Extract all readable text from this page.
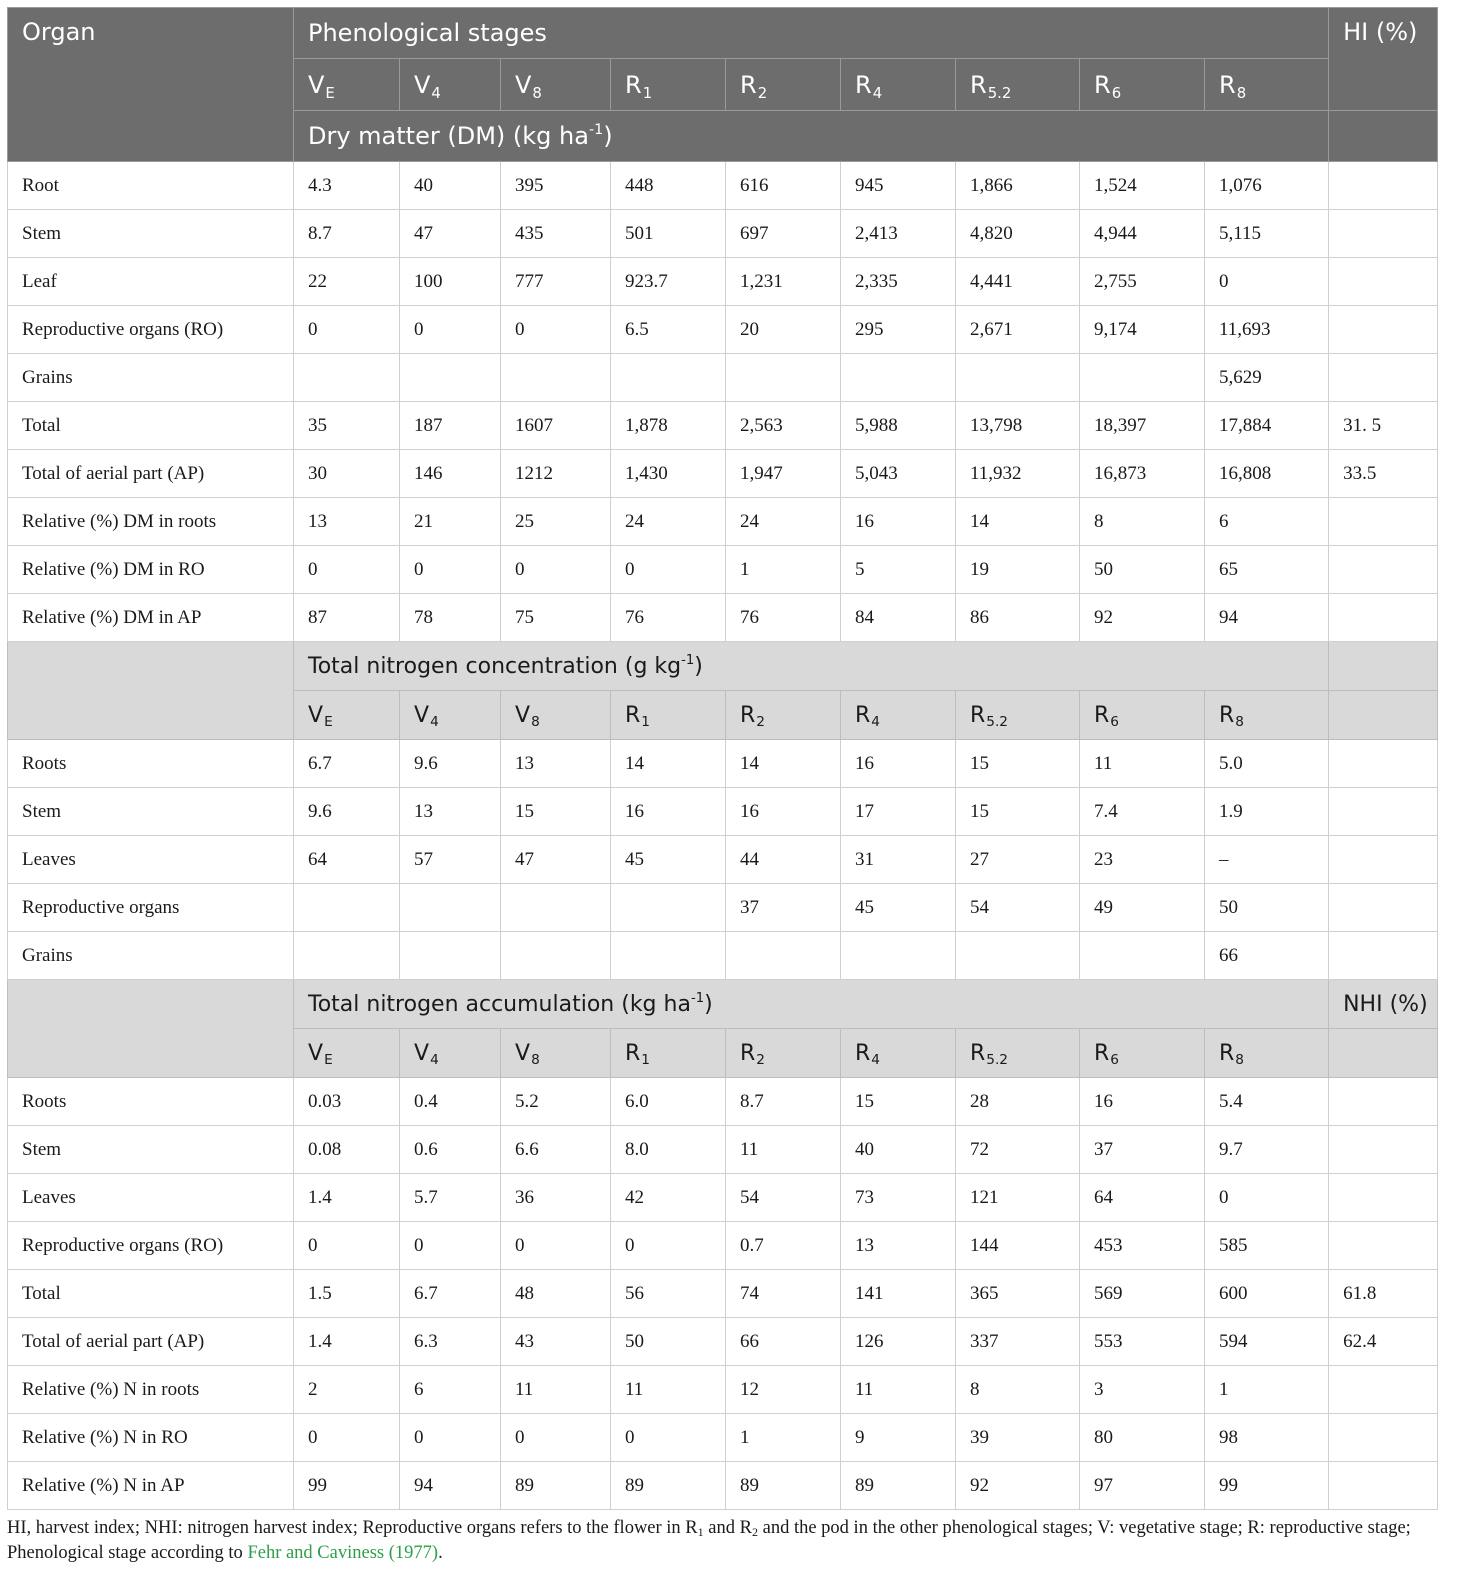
Organ	Phenological stages									HI (%)
	$V_E$	$V_4$	$V_8$	$R_1$	$R_2$	$R_4$	$R_{5.2}$	$R_6$	$R_8$
	Dry matter (DM) (kg $ha^{-1}$)									
Root	4.3	40	395	448	616	945	1,866	1,524	1,076	
Stem	8.7	47	435	501	697	2,413	4,820	4,944	5,115	
Leaf	22	100	777	923.7	1,231	2,335	4,441	2,755	0	
Reproductive organs (RO)	0	0	0	6.5	20	295	2,671	9,174	11,693	
Grains									5,629	
Total	35	187	1607	1,878	2,563	5,988	13,798	18,397	17,884	31. 5
Total of aerial part (AP)	30	146	1212	1,430	1,947	5,043	11,932	16,873	16,808	33.5
Relative (%) DM in roots	13	21	25	24	24	16	14	8	6	
Relative (%) DM in RO	0	0	0	0	1	5	19	50	65	
Relative (%) DM in AP	87	78	75	76	76	84	86	92	94	
	Total nitrogen concentration (g $kg^{-1}$)									
	$V_E$	$V_4$	$V_8$	$R_1$	$R_2$	$R_4$	$R_{5.2}$	$R_6$	$R_8$	
Roots	6.7	9.6	13	14	14	16	15	11	5.0	
Stem	9.6	13	15	16	16	17	15	7.4	1.9	
Leaves	64	57	47	45	44	31	27	23	–	
Reproductive organs					37	45	54	49	50	
Grains									66	
	Total nitrogen accumulation (kg $ha^{-1}$)									NHI (%)
	$V_E$	$V_4$	$V_8$	$R_1$	$R_2$	$R_4$	$R_{5.2}$	$R_6$	$R_8$	
Roots	0.03	0.4	5.2	6.0	8.7	15	28	16	5.4	
Stem	0.08	0.6	6.6	8.0	11	40	72	37	9.7	
Leaves	1.4	5.7	36	42	54	73	121	64	0	
Reproductive organs (RO)	0	0	0	0	0.7	13	144	453	585	
Total	1.5	6.7	48	56	74	141	365	569	600	61.8
Total of aerial part (AP)	1.4	6.3	43	50	66	126	337	553	594	62.4
Relative (%) N in roots	2	6	11	11	12	11	8	3	1	
Relative (%) N in RO	0	0	0	0	1	9	39	80	98	
Relative (%) N in AP	99	94	89	89	89	89	92	97	99	
HI, harvest index; NHI: nitrogen harvest index; Reproductive organs refers to the flower in $R_1$ and $R_2$ and the pod in the other phenological stages; V: vegetative stage; R: reproductive stage; Phenological stage according to Fehr and Caviness (1977).
